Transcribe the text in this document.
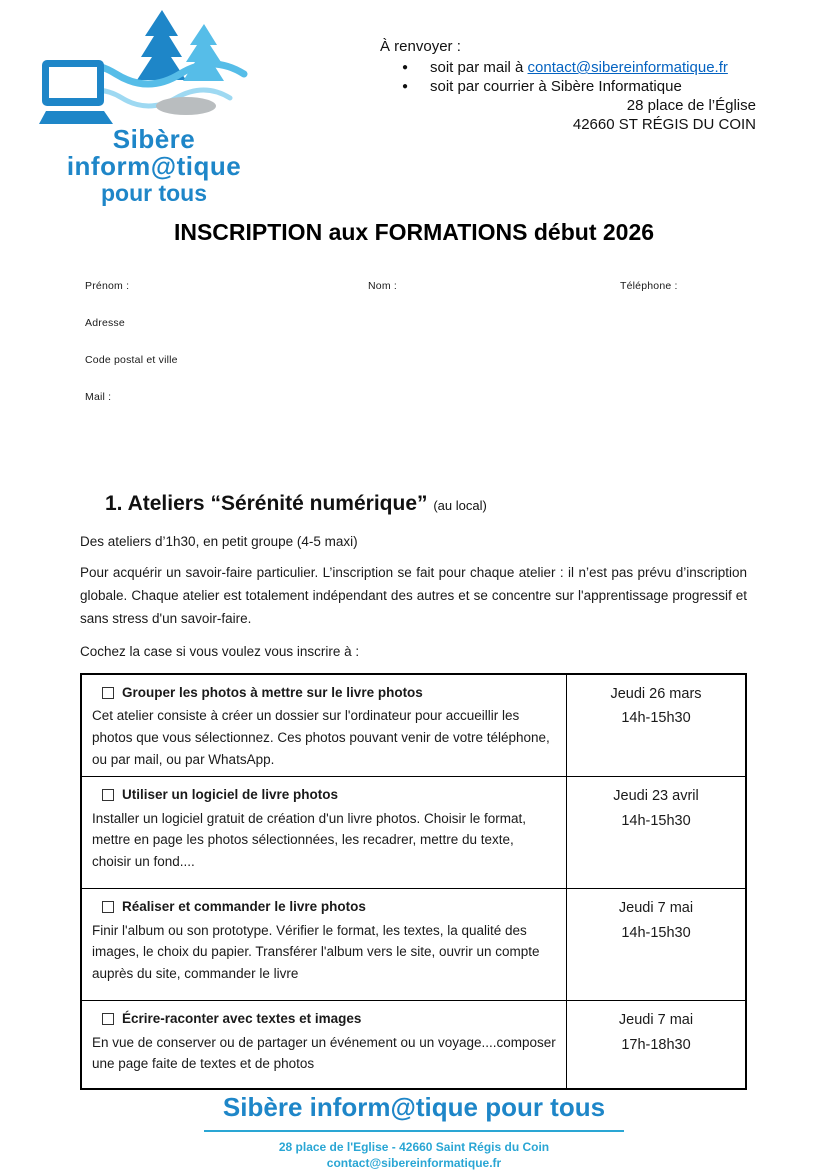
Sibère inform@tique
pour tous
À renvoyer :
●	soit par mail à contact@sibereinformatique.fr
●	soit par courrier à Sibère Informatique
28 place de l’Église
42660 ST RÉGIS DU COIN
INSCRIPTION aux FORMATIONS début 2026
Prénom :	Nom :	Téléphone :
Adresse
Code postal et ville
Mail :
1. Ateliers “Sérénité numérique” (au local)
Des ateliers d’1h30, en petit groupe (4-5 maxi)
Pour acquérir un savoir-faire particulier. L’inscription se fait pour chaque atelier : il n’est pas prévu d’inscription globale. Chaque atelier est totalement indépendant des autres et se concentre sur l'apprentissage progressif et sans stress d'un savoir-faire.
Cochez la case si vous voulez vous inscrire à :
Grouper les photos à mettre sur le livre photos
Cet atelier consiste à créer un dossier sur l'ordinateur pour accueillir les photos que vous sélectionnez. Ces photos pouvant venir de votre téléphone, ou par mail, ou par WhatsApp.

Jeudi 26 mars
14h-15h30

Utiliser un logiciel de livre photos
Installer un logiciel gratuit de création d'un livre photos. Choisir le format, mettre en page les photos sélectionnées, les recadrer, mettre du texte, choisir un fond....

Jeudi 23 avril
14h-15h30

Réaliser et commander le livre photos
Finir l'album ou son prototype. Vérifier le format, les textes, la qualité des images, le choix du papier. Transférer l'album vers le site, ouvrir un compte auprès du site, commander le livre

Jeudi 7 mai
14h-15h30

Écrire-raconter avec textes et images
En vue de conserver ou de partager un événement ou un voyage....composer une page faite de textes et de photos

Jeudi 7 mai
17h-18h30
Sibère inform@tique pour tous
28 place de l'Eglise - 42660 Saint Régis du Coin
contact@sibereinformatique.fr
